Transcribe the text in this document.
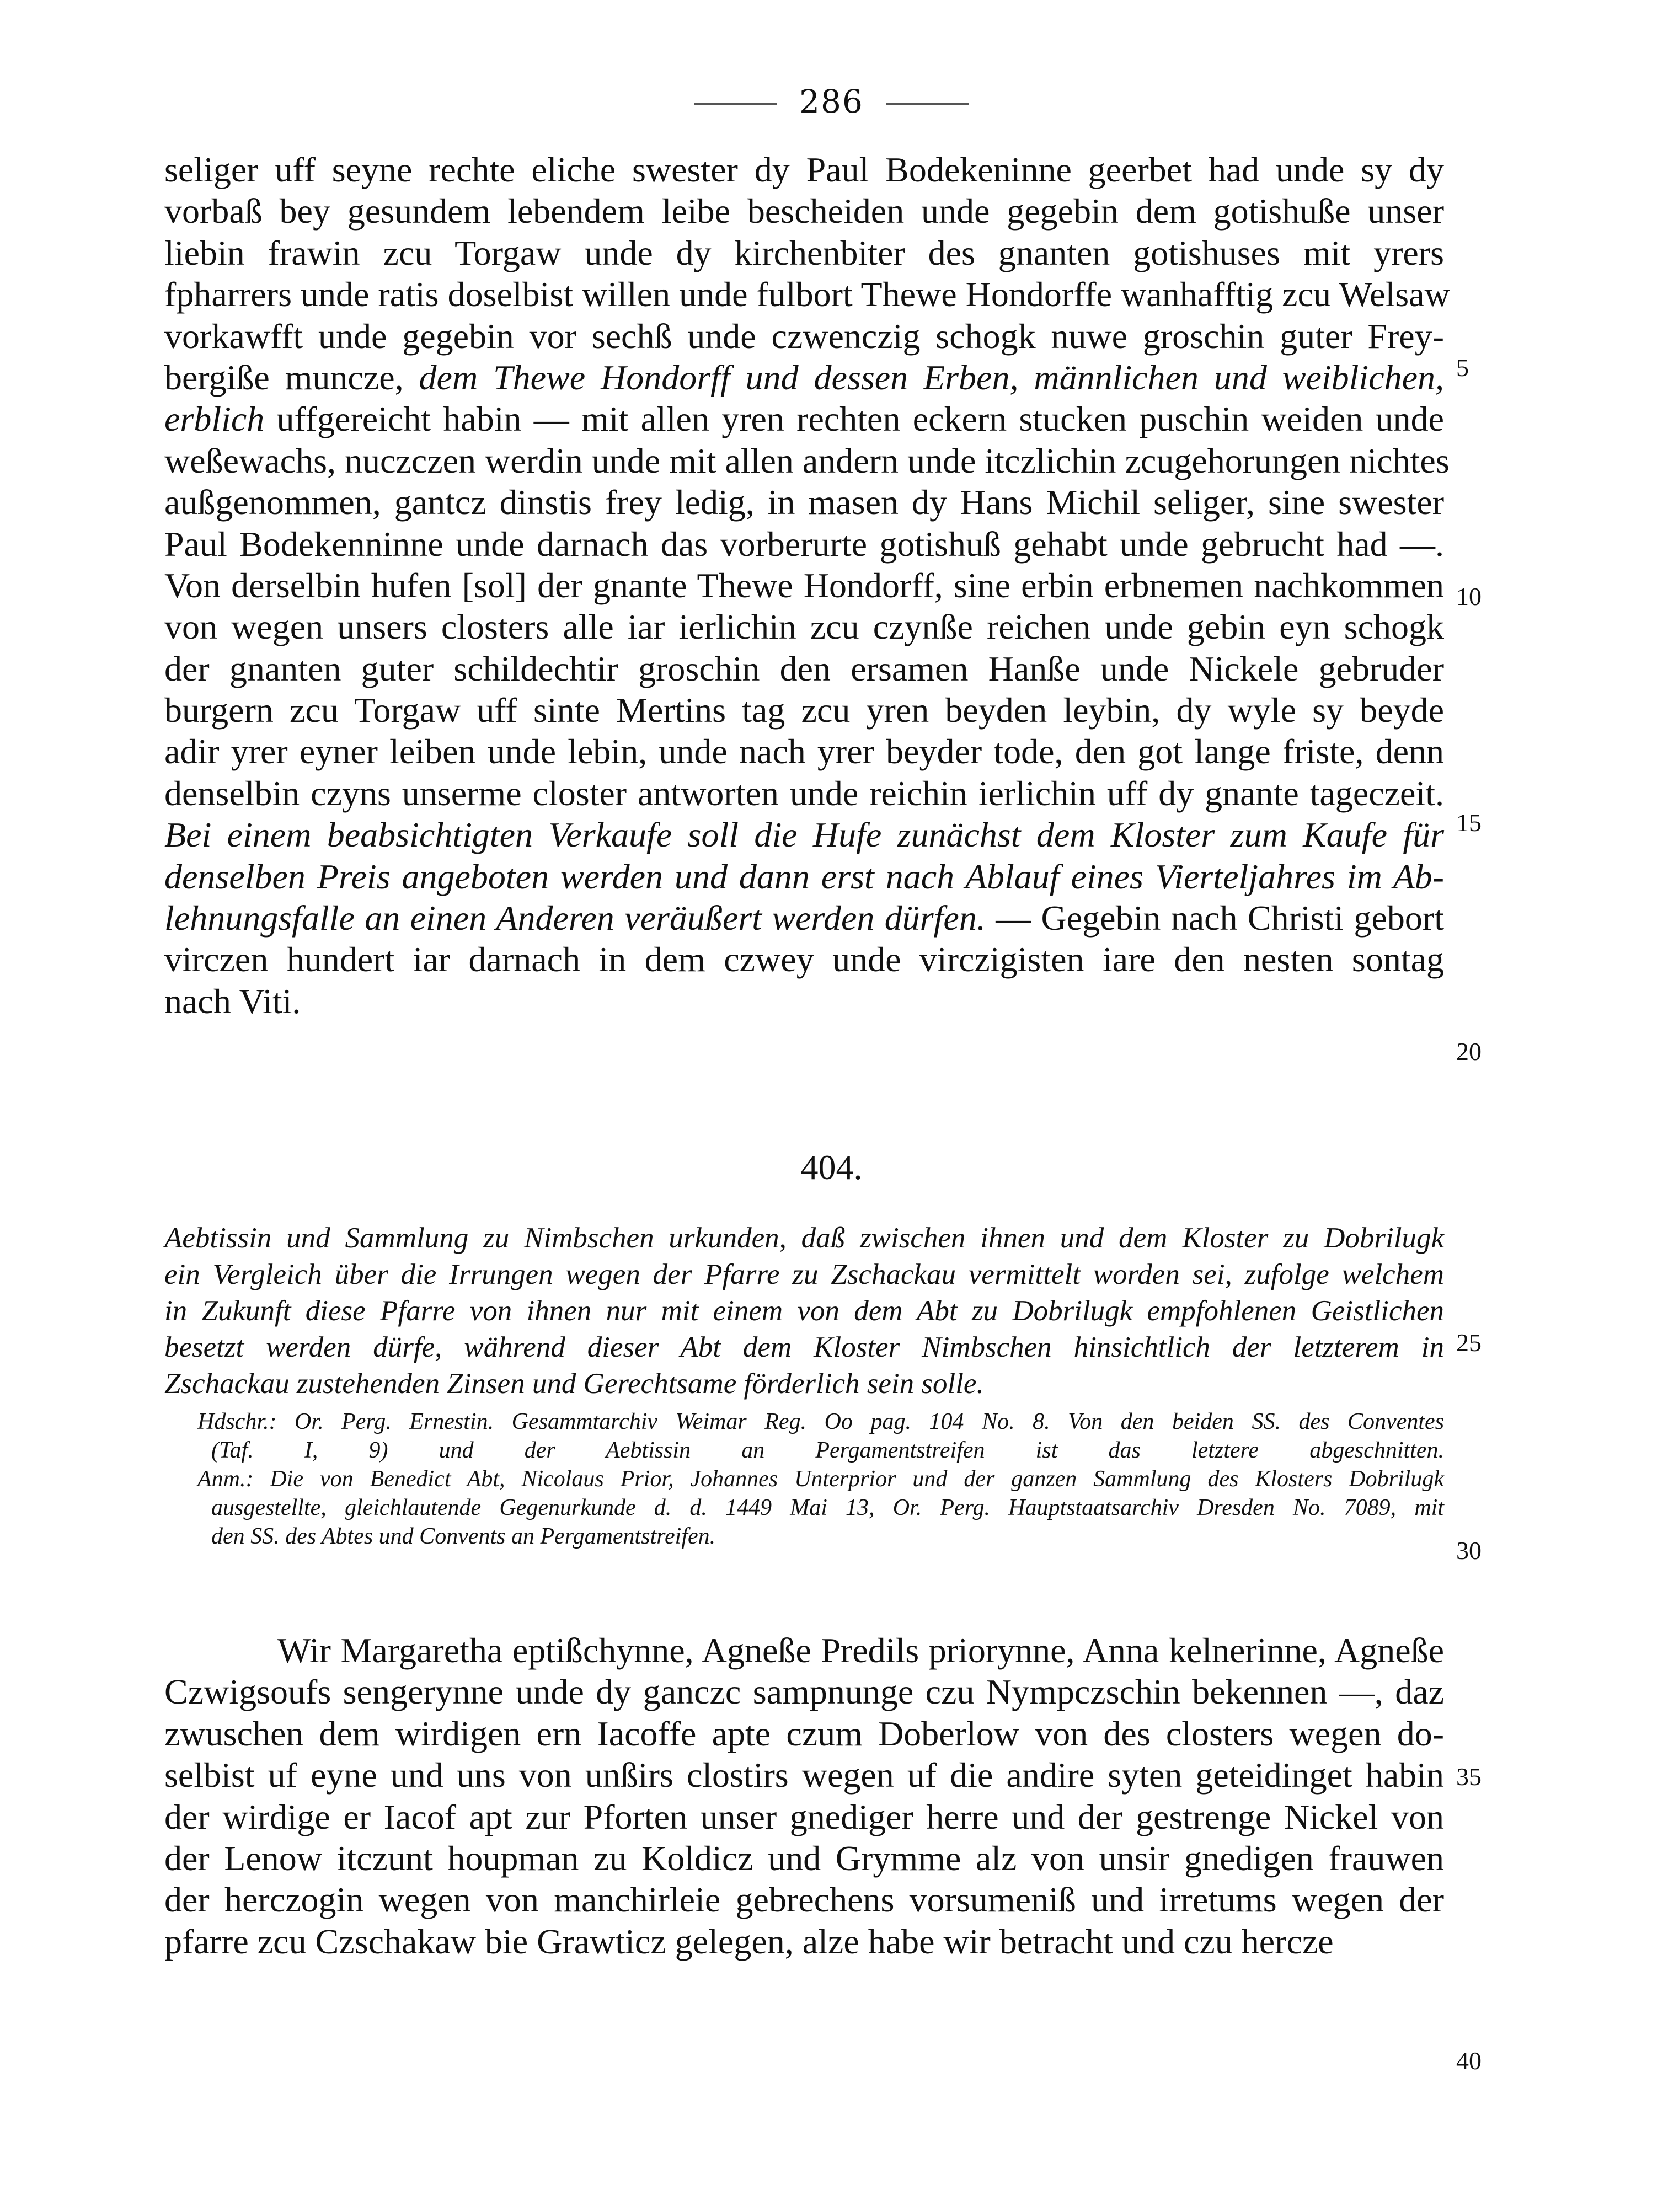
286
seliger uff seyne rechte eliche swester dy Paul Bodekeninne geerbet had unde sy dy
vorbaß bey gesundem lebendem leibe bescheiden unde gegebin dem gotishuße unser
liebin frawin zcu Torgaw unde dy kirchenbiter des gnanten gotishuses mit yrers
fpharrers unde ratis doselbist willen unde fulbort Thewe Hondorffe wanhafftig zcu Welsaw
vorkawfft unde gegebin vor sechß unde czwenczig schogk nuwe groschin guter Frey-
bergiße muncze, dem Thewe Hondorff und dessen Erben, männlichen und weiblichen,
erblich uffgereicht habin — mit allen yren rechten eckern stucken puschin weiden unde
weßewachs, nuczczen werdin unde mit allen andern unde itczlichin zcugehorungen nichtes
außgenommen, gantcz dinstis frey ledig, in masen dy Hans Michil seliger, sine swester
Paul Bodekenninne unde darnach das vorberurte gotishuß gehabt unde gebrucht had —.
Von derselbin hufen [sol] der gnante Thewe Hondorff, sine erbin erbnemen nachkommen
von wegen unsers closters alle iar ierlichin zcu czynße reichen unde gebin eyn schogk
der gnanten guter schildechtir groschin den ersamen Hanße unde Nickele gebruder
burgern zcu Torgaw uff sinte Mertins tag zcu yren beyden leybin, dy wyle sy beyde
adir yrer eyner leiben unde lebin, unde nach yrer beyder tode, den got lange friste, denn
denselbin czyns unserme closter antworten unde reichin ierlichin uff dy gnante tageczeit.
Bei einem beabsichtigten Verkaufe soll die Hufe zunächst dem Kloster zum Kaufe für
denselben Preis angeboten werden und dann erst nach Ablauf eines Vierteljahres im Ab-
lehnungsfalle an einen Anderen veräußert werden dürfen. — Gegebin nach Christi gebort
virczen hundert iar darnach in dem czwey unde virczigisten iare den nesten sontag
nach Viti.
404.
Aebtissin und Sammlung zu Nimbschen urkunden, daß zwischen ihnen und dem Kloster zu Dobrilugk
ein Vergleich über die Irrungen wegen der Pfarre zu Zschackau vermittelt worden sei, zufolge welchem
in Zukunft diese Pfarre von ihnen nur mit einem von dem Abt zu Dobrilugk empfohlenen Geistlichen
besetzt werden dürfe, während dieser Abt dem Kloster Nimbschen hinsichtlich der letzterem in
Zschackau zustehenden Zinsen und Gerechtsame förderlich sein solle.
Hdschr.: Or. Perg. Ernestin. Gesammtarchiv Weimar Reg. Oo pag. 104 No. 8. Von den beiden SS. des Conventes
(Taf. I, 9) und der Aebtissin an Pergamentstreifen ist das letztere abgeschnitten.
Anm.: Die von Benedict Abt, Nicolaus Prior, Johannes Unterprior und der ganzen Sammlung des Klosters Dobrilugk
ausgestellte, gleichlautende Gegenurkunde d. d. 1449 Mai 13, Or. Perg. Hauptstaatsarchiv Dresden No. 7089, mit
den SS. des Abtes und Convents an Pergamentstreifen.
Wir Margaretha eptißchynne, Agneße Predils priorynne, Anna kelnerinne, Agneße
Czwigsoufs sengerynne unde dy ganczc sampnunge czu Nympczschin bekennen —, daz
zwuschen dem wirdigen ern Iacoffe apte czum Doberlow von des closters wegen do-
selbist uf eyne und uns von unßirs clostirs wegen uf die andire syten geteidinget habin
der wirdige er Iacof apt zur Pforten unser gnediger herre und der gestrenge Nickel von
der Lenow itczunt houpman zu Koldicz und Grymme alz von unsir gnedigen frauwen
der herczogin wegen von manchirleie gebrechens vorsumeniß und irretums wegen der
pfarre zcu Czschakaw bie Grawticz gelegen, alze habe wir betracht und czu hercze
5
10
15
20
25
30
35
40
